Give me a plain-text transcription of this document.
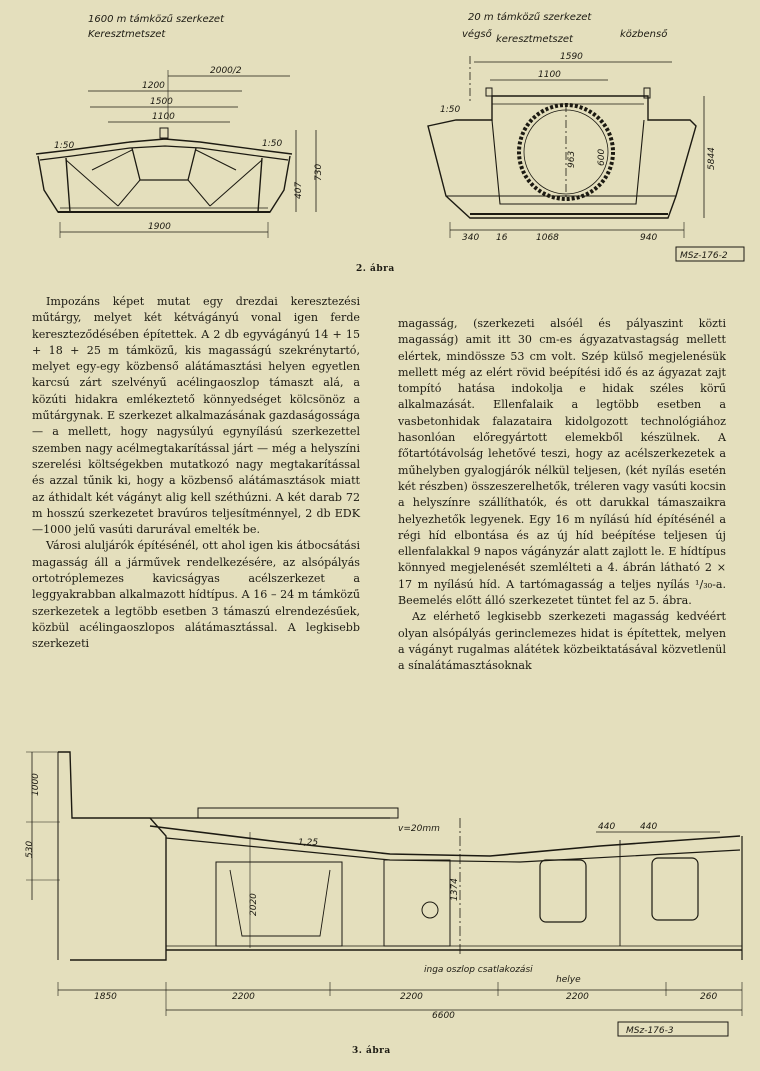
1600 m támközű szerkezet
Keresztmetszet
20 m támközű szerkezet
végső keresztmetszet	közbenső
2000/2
1200
1500
1100
1:50	1:50
407
730
1900
1590
1100
1:50
963 600	5844
340	1068
16	940
MSz-176-2
2. ábra

Impozáns képet mutat egy drezdai keresztezési műtárgy, melyet két kétvágányú vonal igen ferde kereszteződésében építettek. A 2 db egyvágányú 14 + 15 + 18 + 25 m támközű, kis magasságú szekrénytartó, melyet egy-egy közbenső alátámasztási helyen egyetlen karcsú zárt szelvényű acélingaoszlop támaszt alá, a közúti hidakra emlékeztető könnyedséget kölcsönöz a műtárgynak. E szerkezet alkalmazásának gazdaságossága — a mellett, hogy nagysúlyú egynyílású szerkezettel szemben nagy acélmegtakarítással járt — még a helyszíni szerelési költségekben mutatkozó nagy megtakarítással és azzal tűnik ki, hogy a közbenső alátámasztások miatt az áthidalt két vágányt alig kell széthúzni. A két darab 72 m hosszú szerkezetet bravúros teljesítménnyel, 2 db EDK—1000 jelű vasúti darurával emelték be.

Városi aluljárók építésénél, ott ahol igen kis átbocsátási magasság áll a járművek rendelkezésére, az alsópályás ortotróplemezes kavicságyas acélszerkezet a leggyakrabban alkalmazott hídtípus. A 16 – 24 m támközű szerkezetek a legtöbb esetben 3 támaszú elrendezésűek, közbül acélingaoszlopos alátámasztással. A legkisebb szerkezeti

magasság, (szerkezeti alsóél és pályaszint közti magasság) amit itt 30 cm-es ágyazatvastagság mellett elértek, mindössze 53 cm volt. Szép külső megjelenésük mellett még az elért rövid beépítési idő és az ágyazat zajt tompító hatása indokolja e hidak széles körű alkalmazását. Ellenfalaik a legtöbb esetben a vasbetonhidak falazataira kidolgozott technológiához hasonlóan előregyártott elemekből készülnek. A főtartótávolság lehetővé teszi, hogy az acélszerkezetek a műhelyben gyalogjárók nélkül teljesen, (két nyílás esetén két részben) összeszerelhetők, tréleren vagy vasúti kocsin a helyszínre szállíthatók, és ott darukkal támaszaikra helyezhetők legyenek. Egy 16 m nyílású híd építésénél a régi híd elbontása és az új híd beépítése teljesen új ellenfalakkal 9 napos vágányzár alatt zajlott le. E hídtípus könnyed megjelenését szemlélteti a 4. ábrán látható 2 × 17 m nyílású híd. A tartómagasság a teljes nyílás ¹/₃₀-a. Beemelés előtt álló szerkezetet tüntet fel az 5. ábra.

Az elérhető legkisebb szerkezeti magasság kedvéért olyan alsópályás gerinclemezes hidat is építettek, melyen a vágányt rugalmas alátétek közbeiktatásával közvetlenül a sínalátámasztásoknak

1000
530	1,25
v=20mm	440	440
2020
1374
inga oszlop csatlakozási
helye
1850	2200	2200	2200	260
6600
MSz-176-3
3. ábra
